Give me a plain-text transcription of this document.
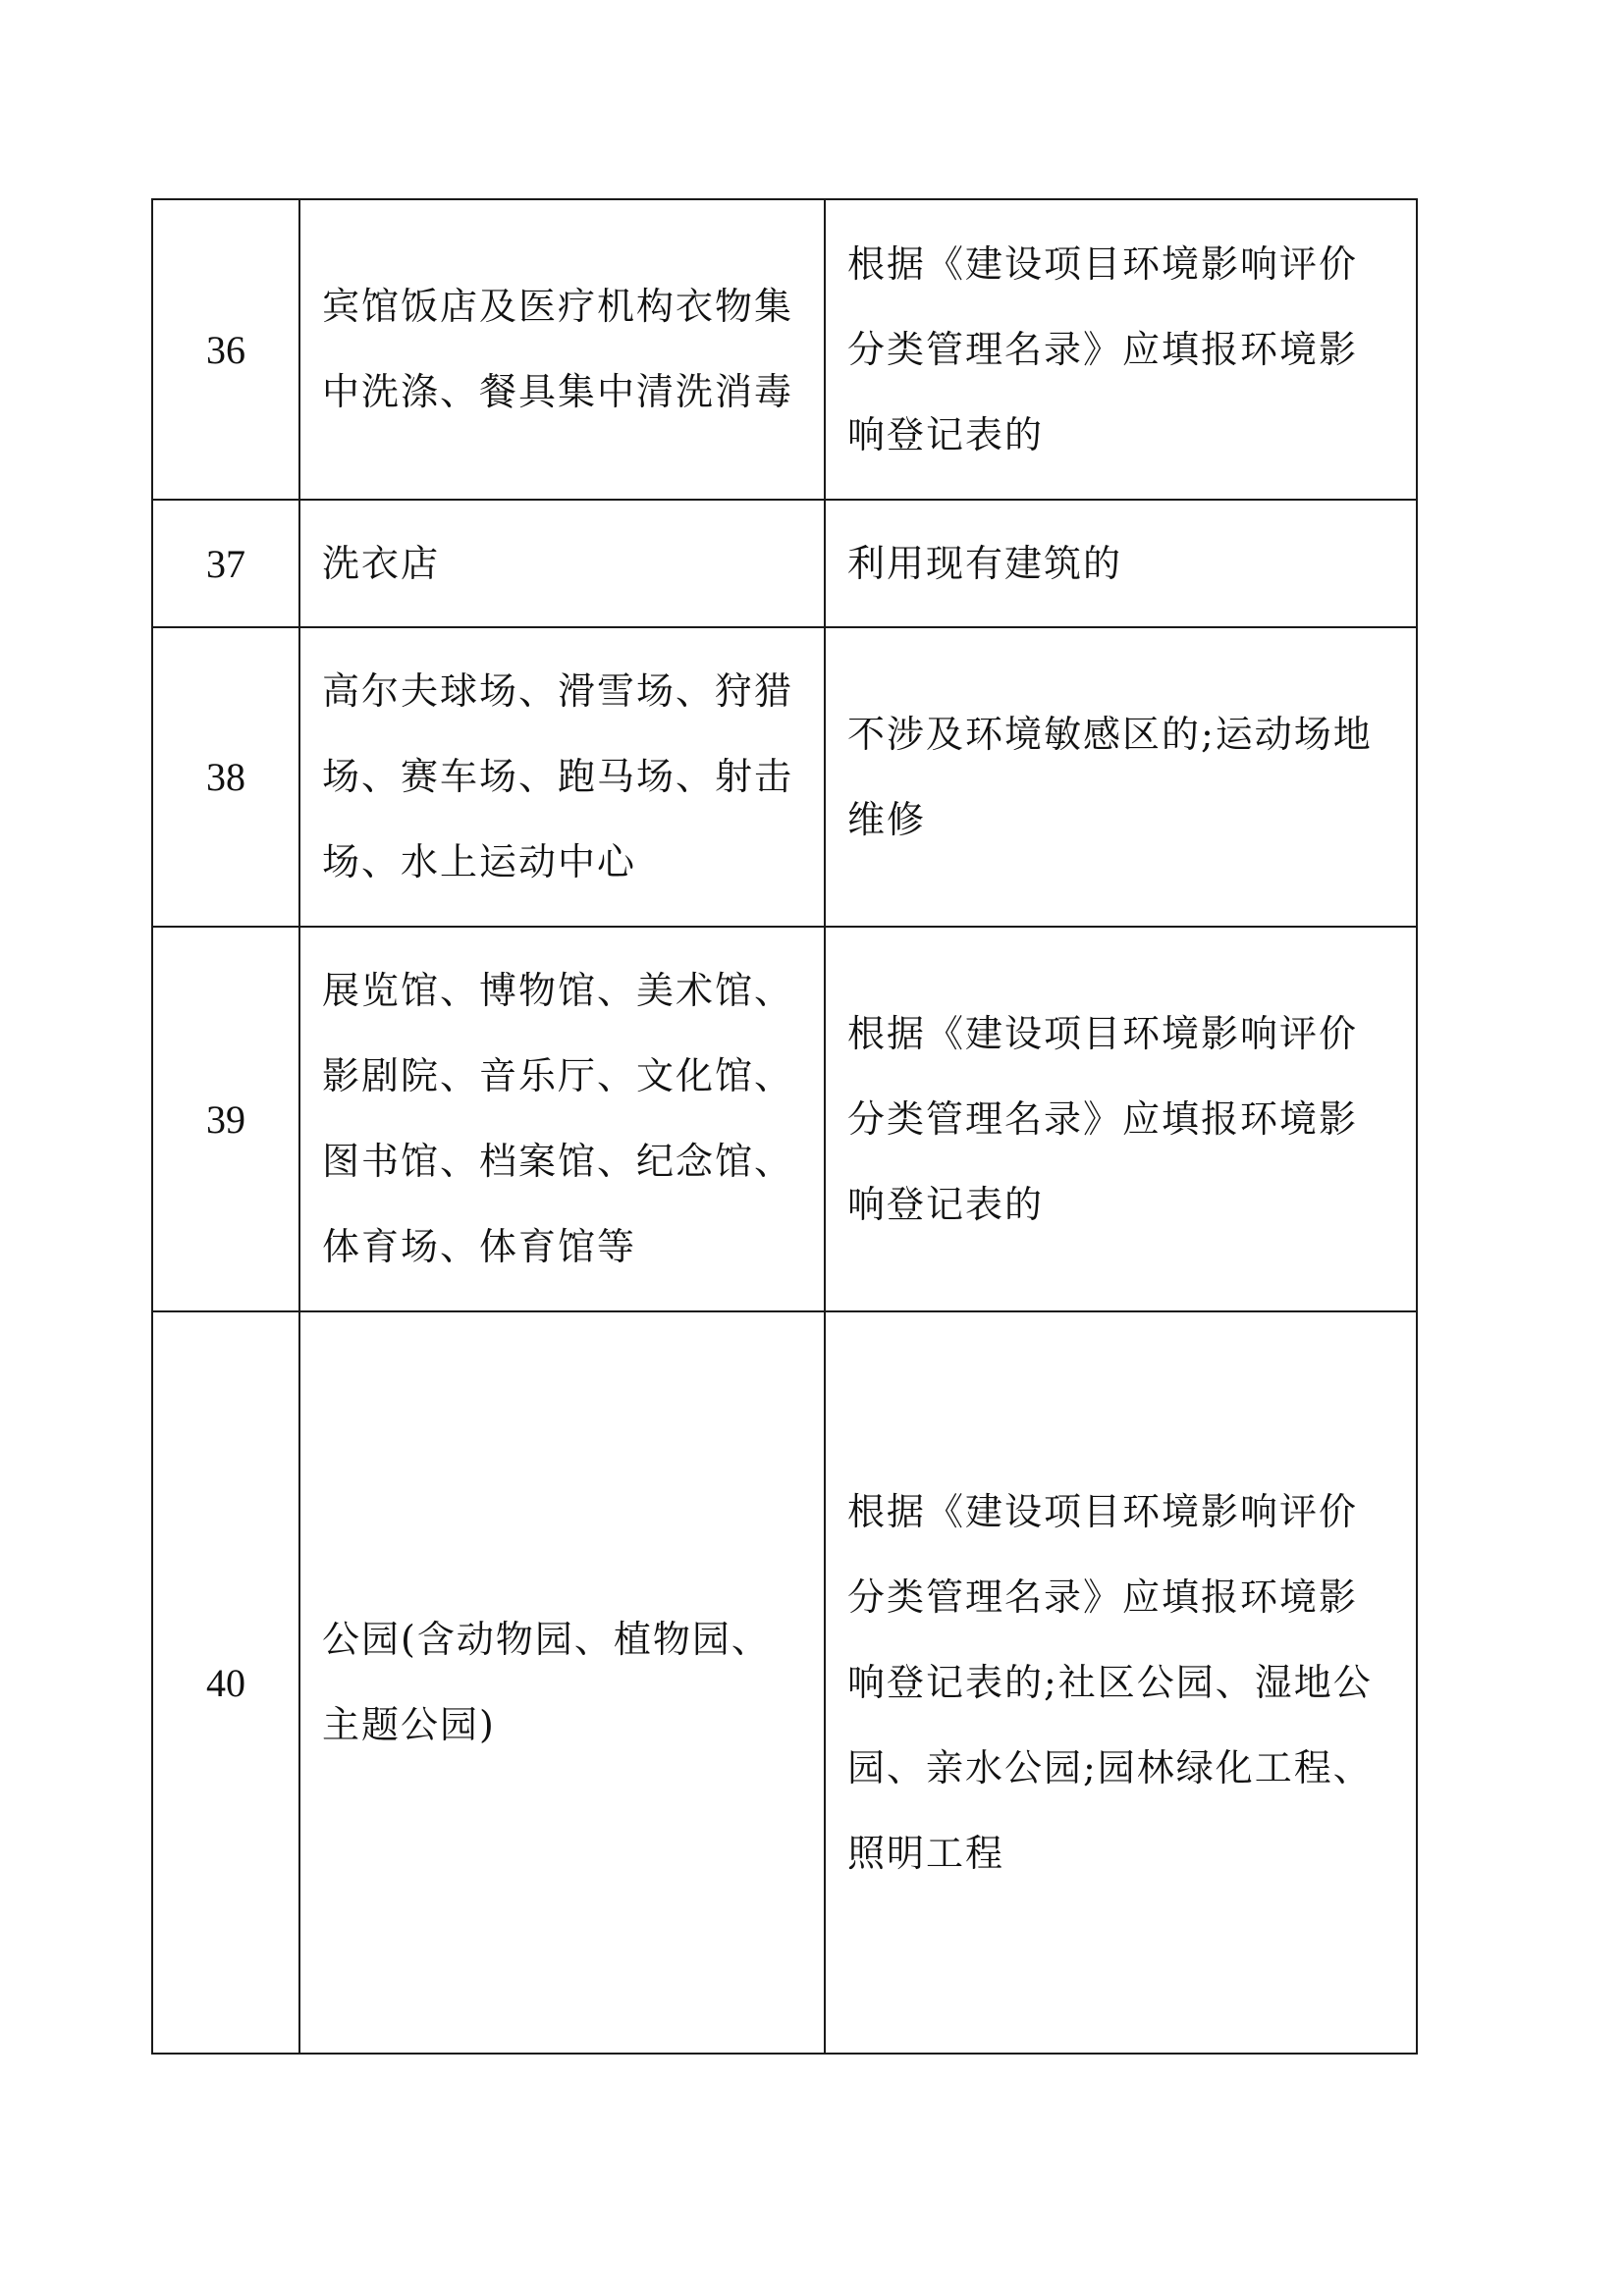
36	宾馆饭店及医疗机构衣物集中洗涤、餐具集中清洗消毒	根据《建设项目环境影响评价分类管理名录》应填报环境影响登记表的
37	洗衣店	利用现有建筑的
38	高尔夫球场、滑雪场、狩猎场、赛车场、跑马场、射击场、水上运动中心	不涉及环境敏感区的;运动场地维修
39	展览馆、博物馆、美术馆、影剧院、音乐厅、文化馆、图书馆、档案馆、纪念馆、体育场、体育馆等	根据《建设项目环境影响评价分类管理名录》应填报环境影响登记表的
40	公园(含动物园、植物园、主题公园)	根据《建设项目环境影响评价分类管理名录》应填报环境影响登记表的;社区公园、湿地公园、亲水公园;园林绿化工程、照明工程
